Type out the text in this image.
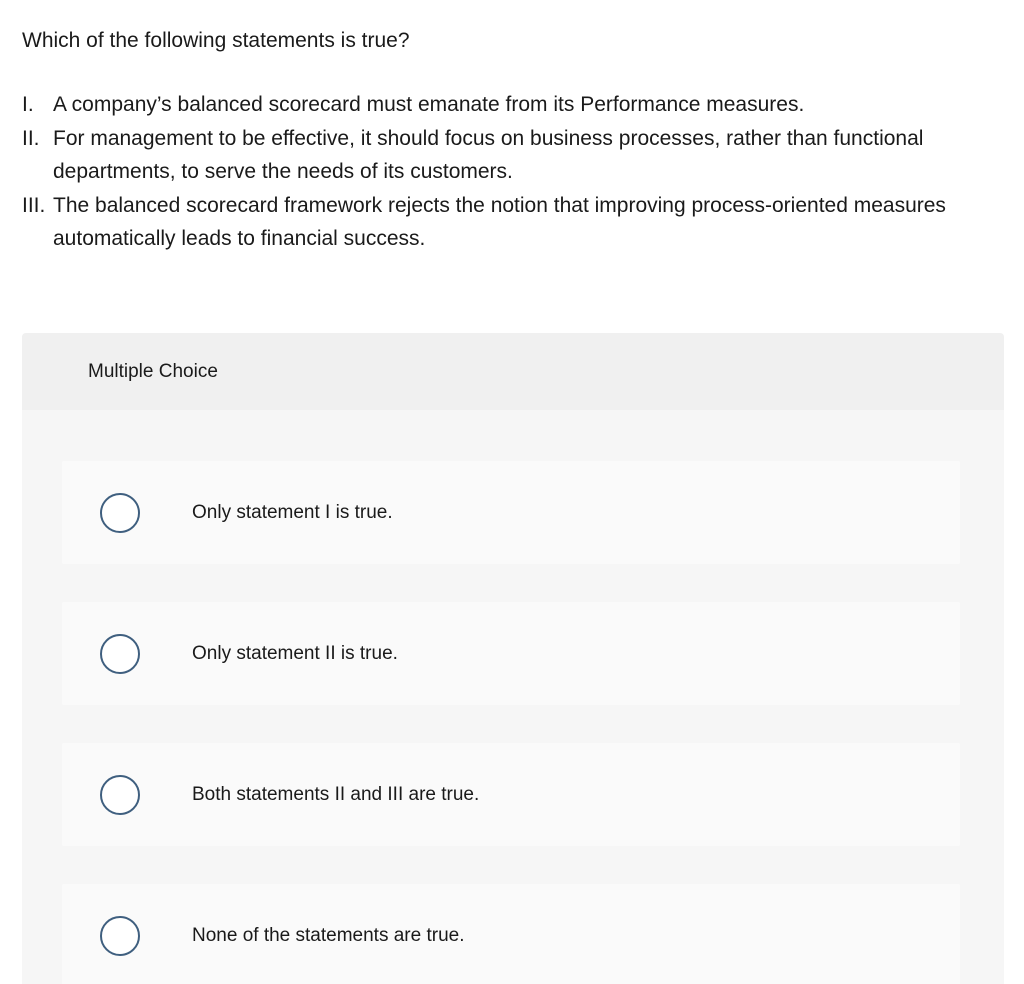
Which of the following statements is true?

I. A company’s balanced scorecard must emanate from its Performance measures.
II. For management to be effective, it should focus on business processes, rather than functional departments, to serve the needs of its customers.
III. The balanced scorecard framework rejects the notion that improving process-oriented measures automatically leads to financial success.
Multiple Choice
Only statement I is true.
Only statement II is true.
Both statements II and III are true.
None of the statements are true.
